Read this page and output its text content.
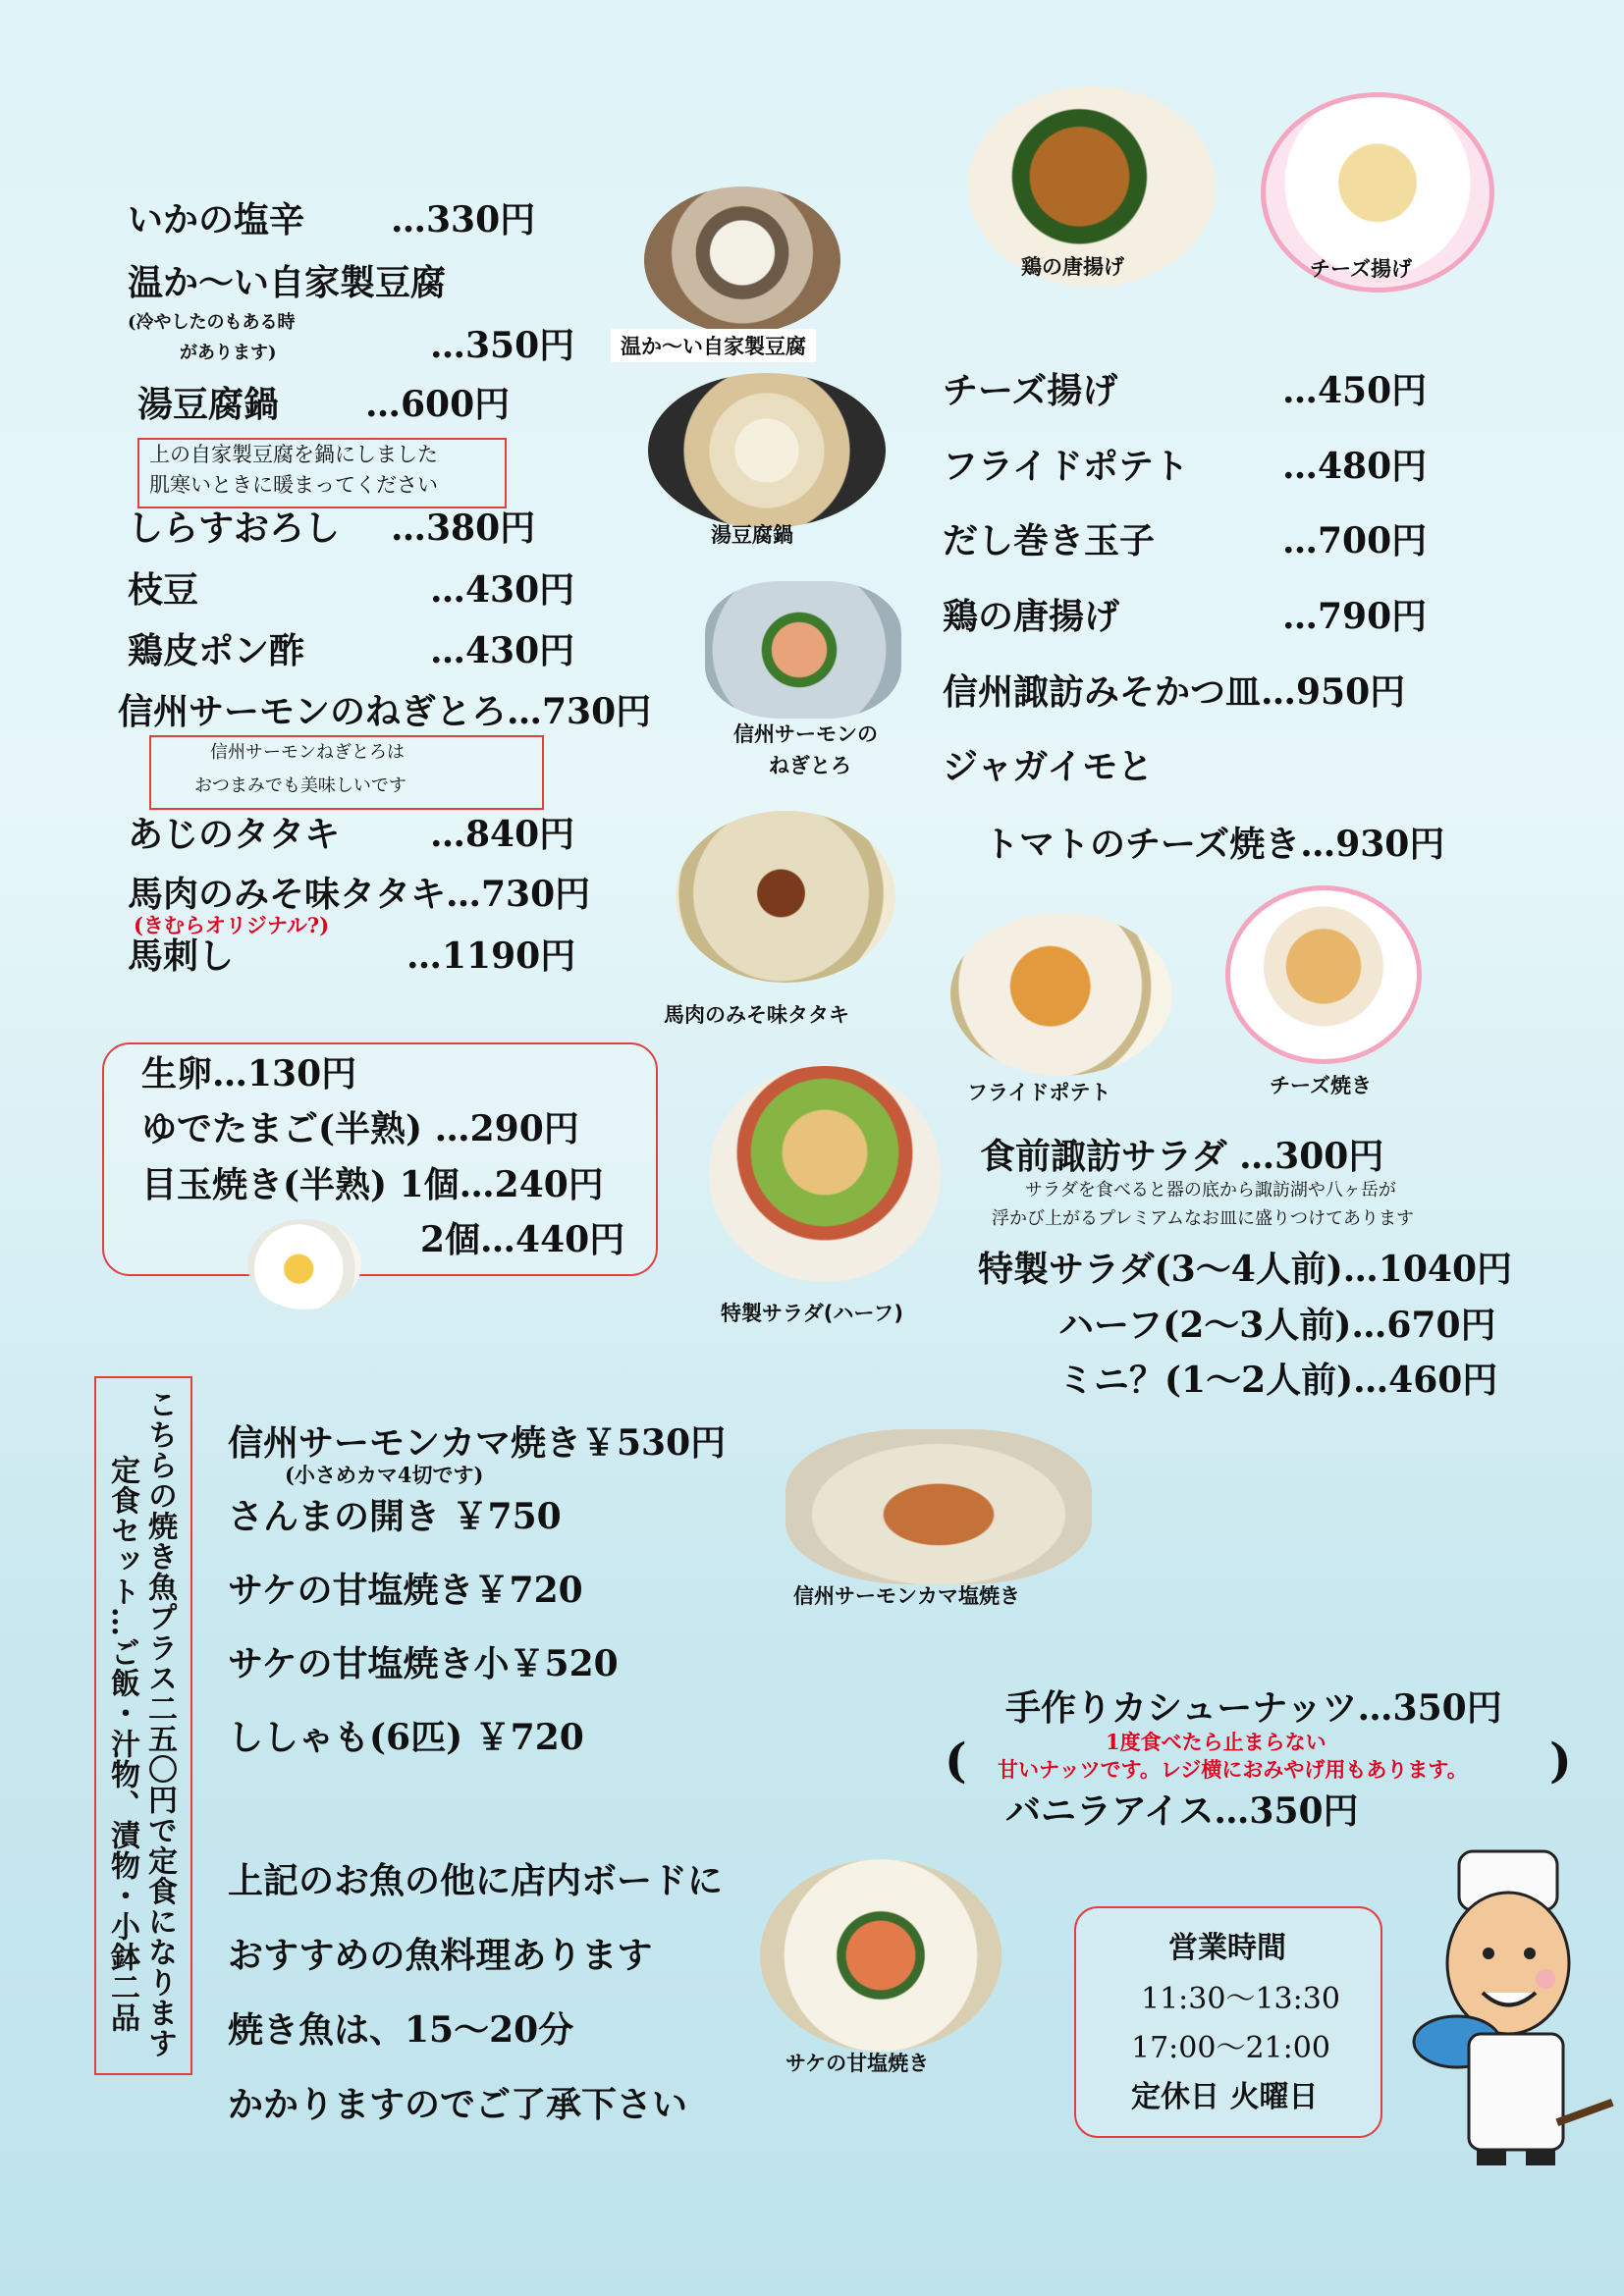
いかの塩辛 …330円
温か～い自家製豆腐
(冷やしたのもある時
があります)	…350円
湯豆腐鍋 …600円
上の自家製豆腐を鍋にしました
肌寒いときに暖まってください
しらすおろし …380円
枝豆	…430円
鶏皮ポン酢	…430円
信州サーモンのねぎとろ…730円
信州サーモンねぎとろは
おつまみでも美味しいです
あじのタタキ	…840円
馬肉のみそ味タタキ…730円
(きむらオリジナル?)
馬刺し	…1190円
生卵…130円
ゆでたまご(半熟) …290円
目玉焼き(半熟) 1個…240円
2個…440円
温か～い自家製豆腐
湯豆腐鍋
信州サーモンの
ねぎとろ
馬肉のみそ味タタキ
特製サラダ(ハーフ)
鶏の唐揚げ	チーズ揚げ
チーズ揚げ	…450円
フライドポテト	…480円
だし巻き玉子	…700円
鶏の唐揚げ	…790円
信州諏訪みそかつ皿…950円
ジャガイモと
トマトのチーズ焼き…930円
フライドポテト	チーズ焼き
食前諏訪サラダ …300円
サラダを食べると器の底から諏訪湖や八ヶ岳が
浮かび上がるプレミアムなお皿に盛りつけてあります
特製サラダ(3～4人前)…1040円
ハーフ(2～3人前)…670円
ミニ？(1～2人前)…460円
こちらの焼き魚プラス二五〇円で定食になります
定食セット…ご飯・汁物、漬物・小鉢二品
信州サーモンカマ焼き￥530円
(小さめカマ4切です)
さんまの開き ￥750
サケの甘塩焼き￥720
サケの甘塩焼き小￥520
ししゃも(6匹) ￥720
上記のお魚の他に店内ボードに
おすすめの魚料理あります
焼き魚は、15～20分
かかりますのでご了承下さい
信州サーモンカマ塩焼き
サケの甘塩焼き
手作りカシューナッツ…350円
(	1度食べたら止まらない
甘いナッツです。レジ横におみやげ用もあります。 )
バニラアイス…350円
営業時間
11:30～13:30
17:00～21:00
定休日 火曜日
